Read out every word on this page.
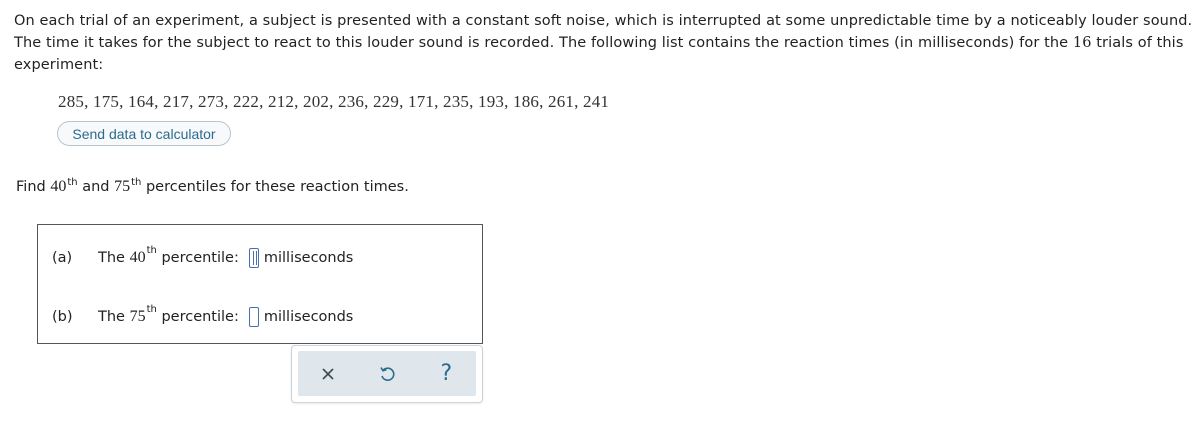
On each trial of an experiment, a subject is presented with a constant soft noise, which is interrupted at some unpredictable time by a noticeably louder sound. The time it takes for the subject to react to this louder sound is recorded. The following list contains the reaction times (in milliseconds) for the 16 trials of this experiment:
285, 175, 164, 217, 273, 222, 212, 202, 236, 229, 171, 235, 193, 186, 261, 241
Send data to calculator
Find 40th and 75th percentiles for these reaction times.
(a)	The 40th percentile: milliseconds
(b)	The 75th percentile: milliseconds
?
